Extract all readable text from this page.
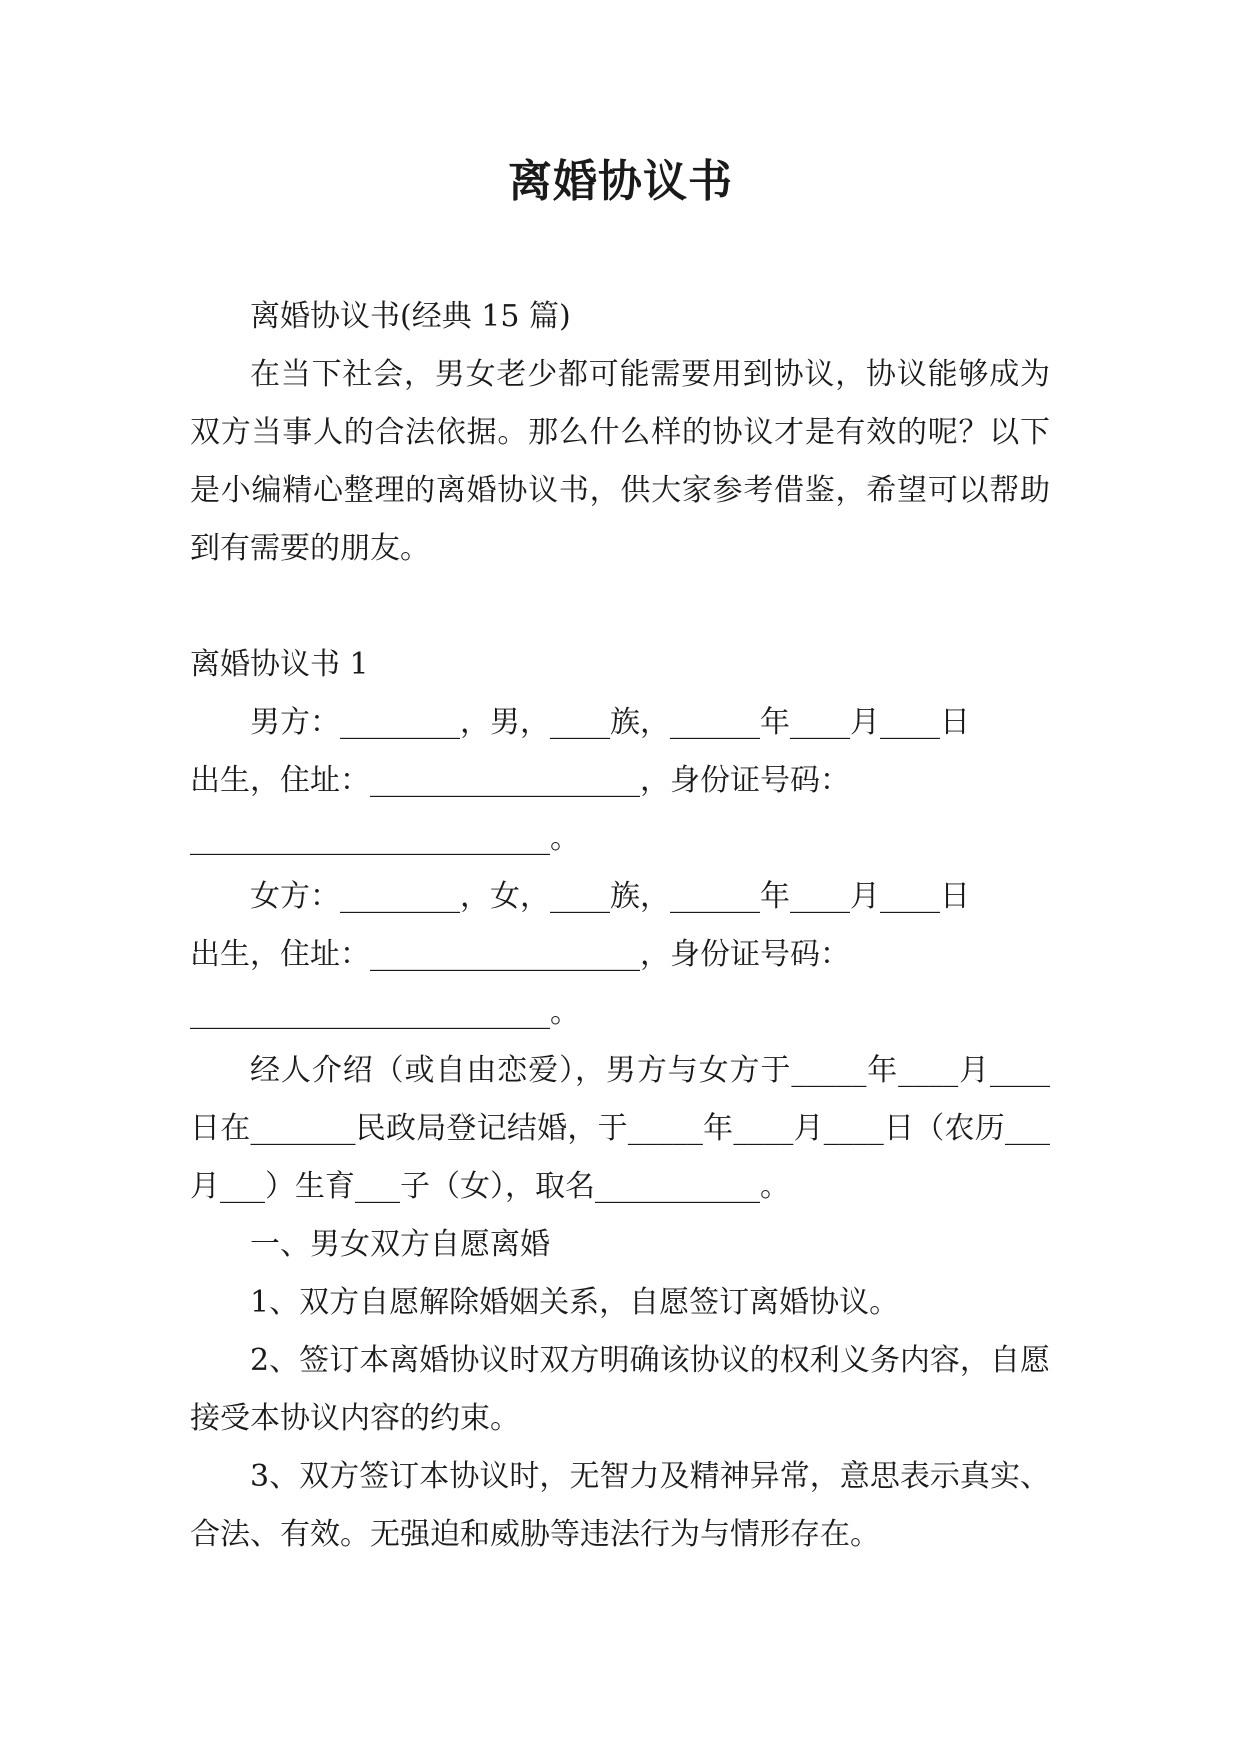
离婚协议书

离婚协议书(经典 15 篇)

在当下社会，男女老少都可能需要用到协议，协议能够成为双方当事人的合法依据。那么什么样的协议才是有效的呢？以下是小编精心整理的离婚协议书，供大家参考借鉴，希望可以帮助到有需要的朋友。

离婚协议书 1

男方：________，男，____族，______年____月____日

出生，住址：__________________，身份证号码：

________________________。

女方：________，女，____族，______年____月____日

出生，住址：__________________，身份证号码：

________________________。

经人介绍（或自由恋爱），男方与女方于_____年____月____日在_______民政局登记结婚，于_____年____月____日（农历___月___）生育___子（女），取名___________。

一、男女双方自愿离婚

1、双方自愿解除婚姻关系，自愿签订离婚协议。

2、签订本离婚协议时双方明确该协议的权利义务内容，自愿接受本协议内容的约束。

3、双方签订本协议时，无智力及精神异常，意思表示真实、合法、有效。无强迫和威胁等违法行为与情形存在。
